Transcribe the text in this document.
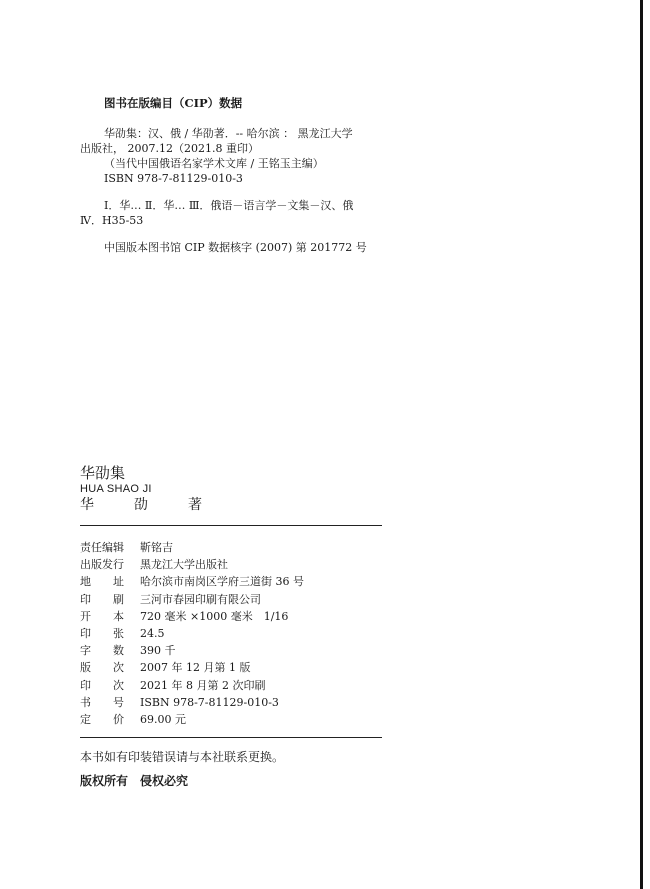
图书在版编目（CIP）数据
华劭集：汉、俄 / 华劭著．-- 哈尔滨 ： 黑龙江大学
出版社， 2007.12（2021.8 重印）
（当代中国俄语名家学术文库 / 王铭玉主编）
ISBN 978-7-81129-010-3
Ⅰ．华… Ⅱ．华… Ⅲ．俄语－语言学－文集－汉、俄
Ⅳ．H35-53
中国版本图书馆 CIP 数据核字 (2007) 第 201772 号
华劭集
HUA SHAO JI
华　劭　著
责任编辑	靳铭吉
出版发行	黑龙江大学出版社
地　　址	哈尔滨市南岗区学府三道街 36 号
印　　刷	三河市春园印刷有限公司
开　　本	720 毫米 ×1000 毫米　1/16
印　　张	24.5
字　　数	390 千
版　　次	2007 年 12 月第 1 版
印　　次	2021 年 8 月第 2 次印刷
书　　号	ISBN 978-7-81129-010-3
定　　价	69.00 元
本书如有印装错误请与本社联系更换。
版权所有　侵权必究
